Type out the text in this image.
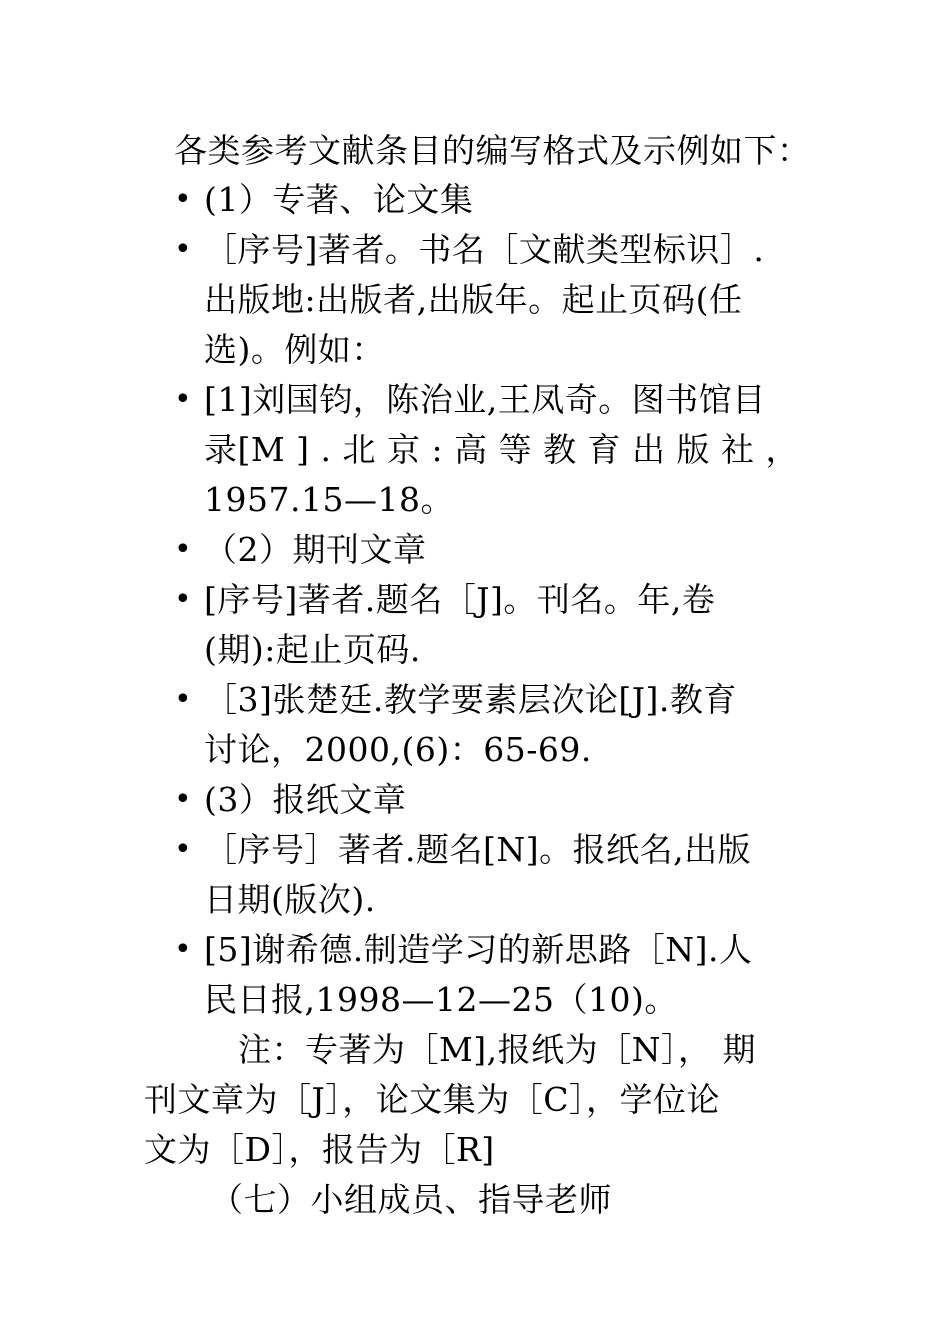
各类参考文献条目的编写格式及示例如下：
• (1）专著、论文集
• ［序号]著者。书名［文献类型标识］.
出版地:出版者,出版年。起止页码(任
选)。例如：
• [1]刘国钧，陈治业,王凤奇。图书馆目
录[M ] . 北 京 : 高 等 教 育 出 版 社 ，
1957.15—18。
• （2）期刊文章
• [序号]著者.题名［J]。刊名。年,卷
(期):起止页码.
• ［3]张楚廷.教学要素层次论[J].教育
讨论，2000,(6)：65-69.
• (3）报纸文章
• ［序号］著者.题名[N]。报纸名,出版
日期(版次).
• [5]谢希德.制造学习的新思路［N].人
民日报,1998—12—25（10)。
注：专著为［M],报纸为［N］， 期
刊文章为［J］，论文集为［C］，学位论
文为［D］，报告为［R]
（七）小组成员、指导老师
